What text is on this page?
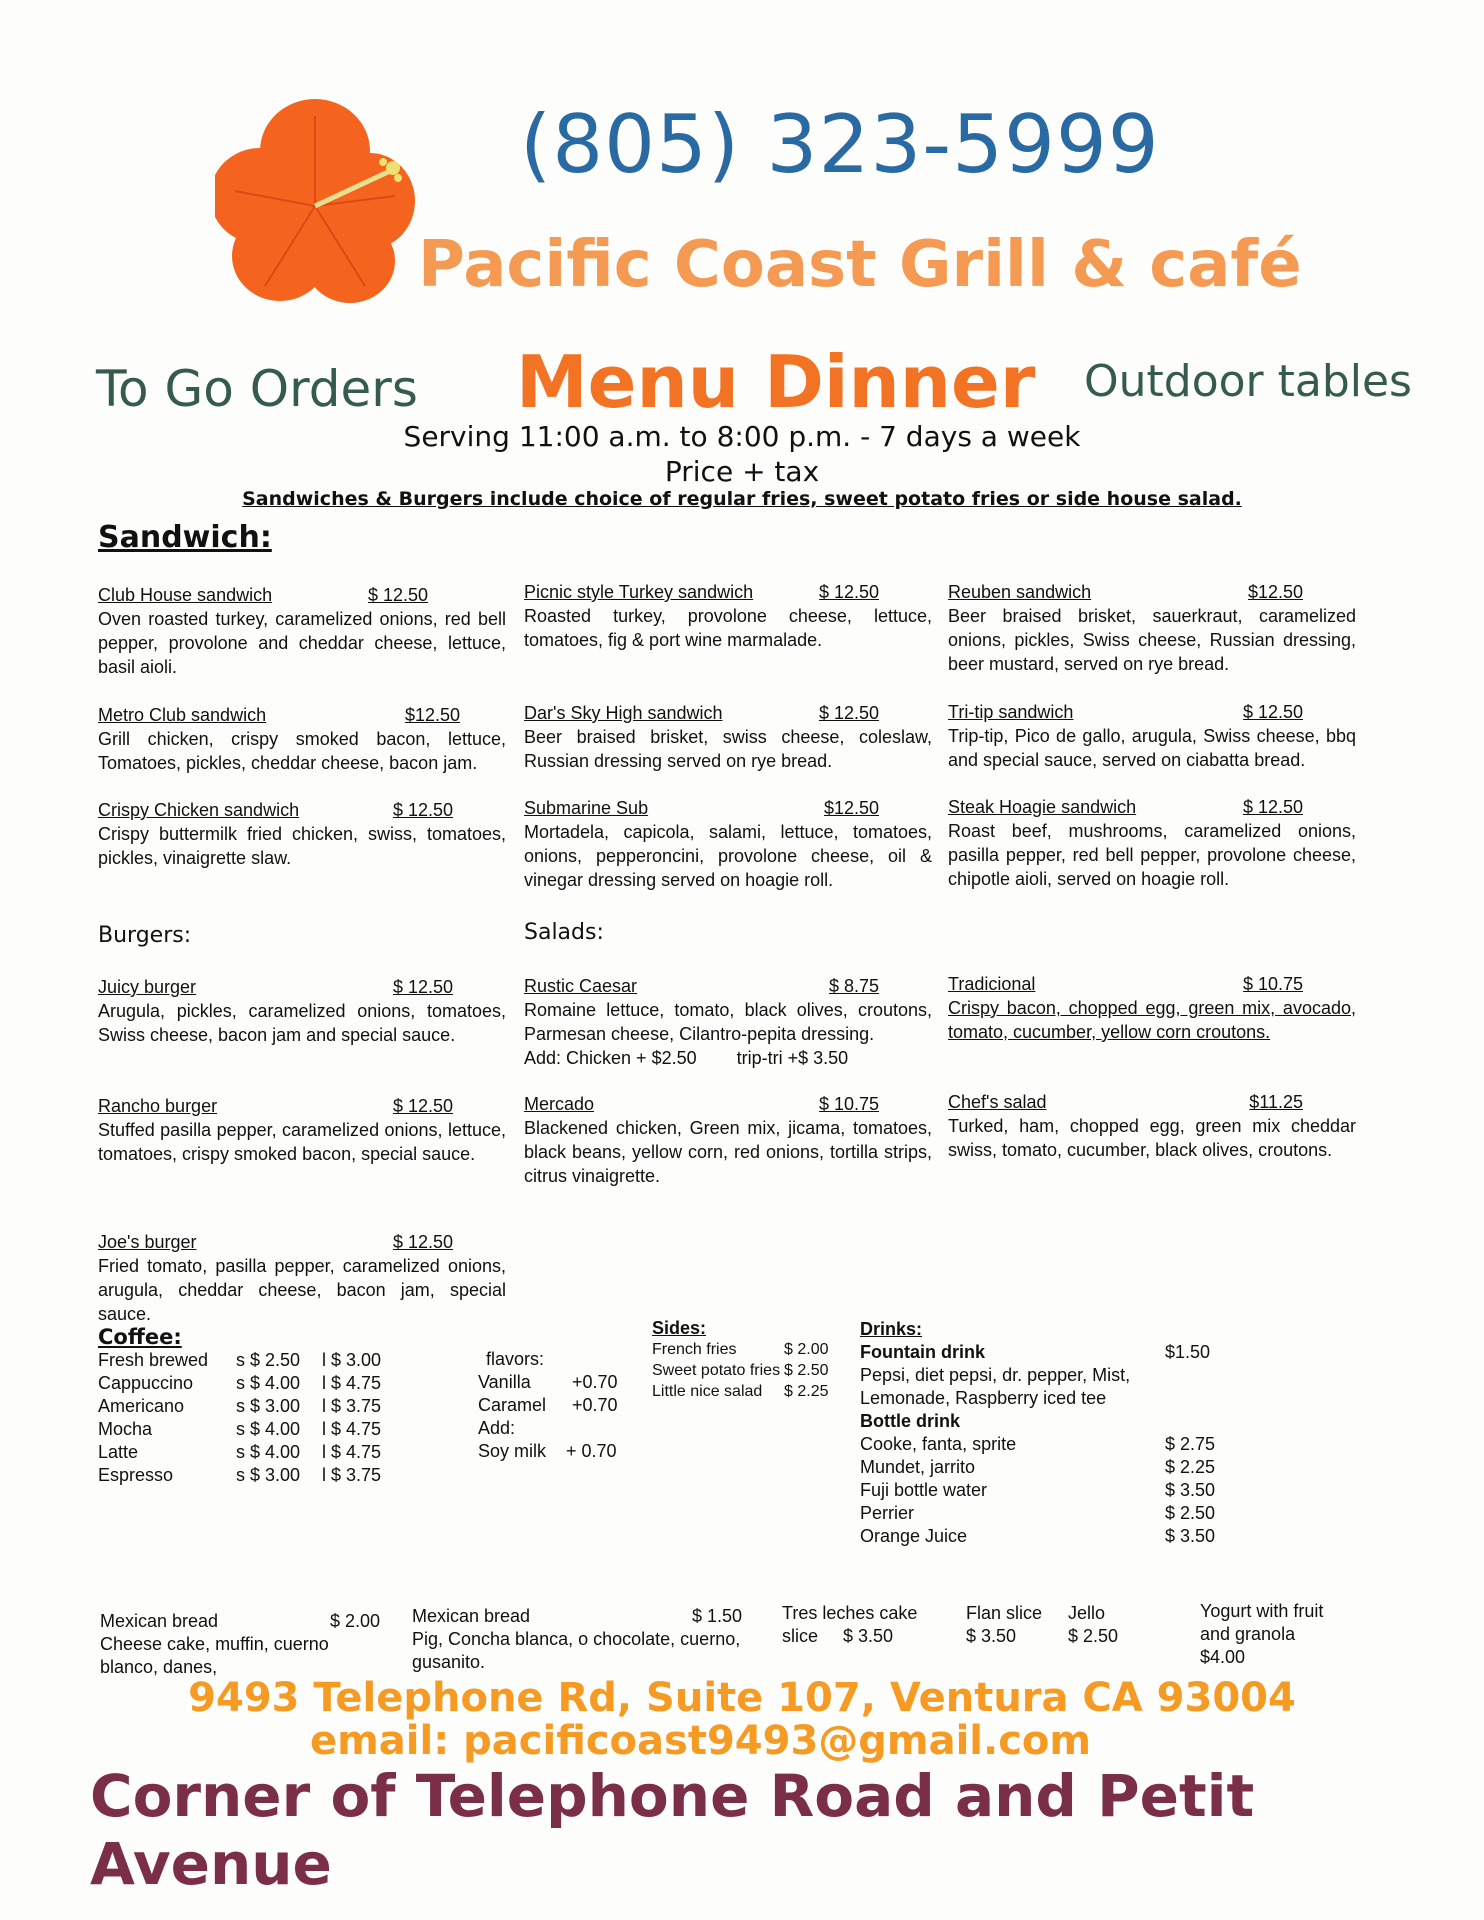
(805) 323-5999
Pacific Coast Grill & café
To Go Orders Menu Dinner Outdoor tables
Serving 11:00 a.m. to 8:00 p.m. - 7 days a week
Price + tax
Sandwiches & Burgers include choice of regular fries, sweet potato fries or side house salad.
Sandwich:
Club House sandwich	$ 12.50
Oven roasted turkey, caramelized onions, red bell pepper, provolone and cheddar cheese, lettuce, basil aioli.
Picnic style Turkey sandwich	$ 12.50
Roasted turkey, provolone cheese, lettuce, tomatoes, fig & port wine marmalade.
Reuben sandwich	$12.50
Beer braised brisket, sauerkraut, caramelized onions, pickles, Swiss cheese, Russian dressing, beer mustard, served on rye bread.
Metro Club sandwich	$12.50
Grill chicken, crispy smoked bacon, lettuce, Tomatoes, pickles, cheddar cheese, bacon jam.
Dar's Sky High sandwich	$ 12.50
Beer braised brisket, swiss cheese, coleslaw, Russian dressing served on rye bread.
Tri-tip sandwich	$ 12.50
Trip-tip, Pico de gallo, arugula, Swiss cheese, bbq and special sauce, served on ciabatta bread.
Crispy Chicken sandwich	$ 12.50
Crispy buttermilk fried chicken, swiss, tomatoes, pickles, vinaigrette slaw.
Submarine Sub	$12.50
Mortadela, capicola, salami, lettuce, tomatoes, onions, pepperoncini, provolone cheese, oil & vinegar dressing served on hoagie roll.
Steak Hoagie sandwich	$ 12.50
Roast beef, mushrooms, caramelized onions, pasilla pepper, red bell pepper, provolone cheese, chipotle aioli, served on hoagie roll.
Burgers:	Salads:
Juicy burger	$ 12.50
Arugula, pickles, caramelized onions, tomatoes, Swiss cheese, bacon jam and special sauce.
Rustic Caesar	$ 8.75
Romaine lettuce, tomato, black olives, croutons, Parmesan cheese, Cilantro-pepita dressing.
Add: Chicken + $2.50 trip-tri +$ 3.50
Tradicional	$ 10.75
Crispy bacon, chopped egg, green mix, avocado, tomato, cucumber, yellow corn croutons.
Rancho burger	$ 12.50
Stuffed pasilla pepper, caramelized onions, lettuce, tomatoes, crispy smoked bacon, special sauce.
Mercado	$ 10.75
Blackened chicken, Green mix, jicama, tomatoes, black beans, yellow corn, red onions, tortilla strips, citrus vinaigrette.
Chef's salad	$11.25
Turked, ham, chopped egg, green mix cheddar swiss, tomato, cucumber, black olives, croutons.
Joe's burger	$ 12.50
Fried tomato, pasilla pepper, caramelized onions, arugula, cheddar cheese, bacon jam, special sauce.
Coffee:
Fresh brewed	s $ 2.50	l $ 3.00
Cappuccino	s $ 4.00	l $ 4.75
Americano	s $ 3.00	l $ 3.75
Mocha	s $ 4.00	l $ 4.75
Latte	s $ 4.00	l $ 4.75
Espresso	s $ 3.00	l $ 3.75
flavors:
Vanilla	+0.70
Caramel	+0.70
Add:
Soy milk	+ 0.70
Sides:
French fries	$ 2.00
Sweet potato fries $ 2.50
Little nice salad	$ 2.25
Drinks:
Fountain drink	$1.50
Pepsi, diet pepsi, dr. pepper, Mist,
Lemonade, Raspberry iced tee
Bottle drink
Cooke, fanta, sprite	$ 2.75
Mundet, jarrito	$ 2.25
Fuji bottle water	$ 3.50
Perrier	$ 2.50
Orange Juice	$ 3.50
Mexican bread	$ 2.00
Cheese cake, muffin, cuerno blanco, danes,
Mexican bread	$ 1.50
Pig, Concha blanca, o chocolate, cuerno, gusanito.
Tres leches cake
slice     $ 3.50
Flan slice
$ 3.50
Jello
$ 2.50
Yogurt with fruit
and granola
$4.00
9493 Telephone Rd, Suite 107, Ventura CA 93004
email: pacificoast9493@gmail.com
Corner of Telephone Road and Petit Avenue
